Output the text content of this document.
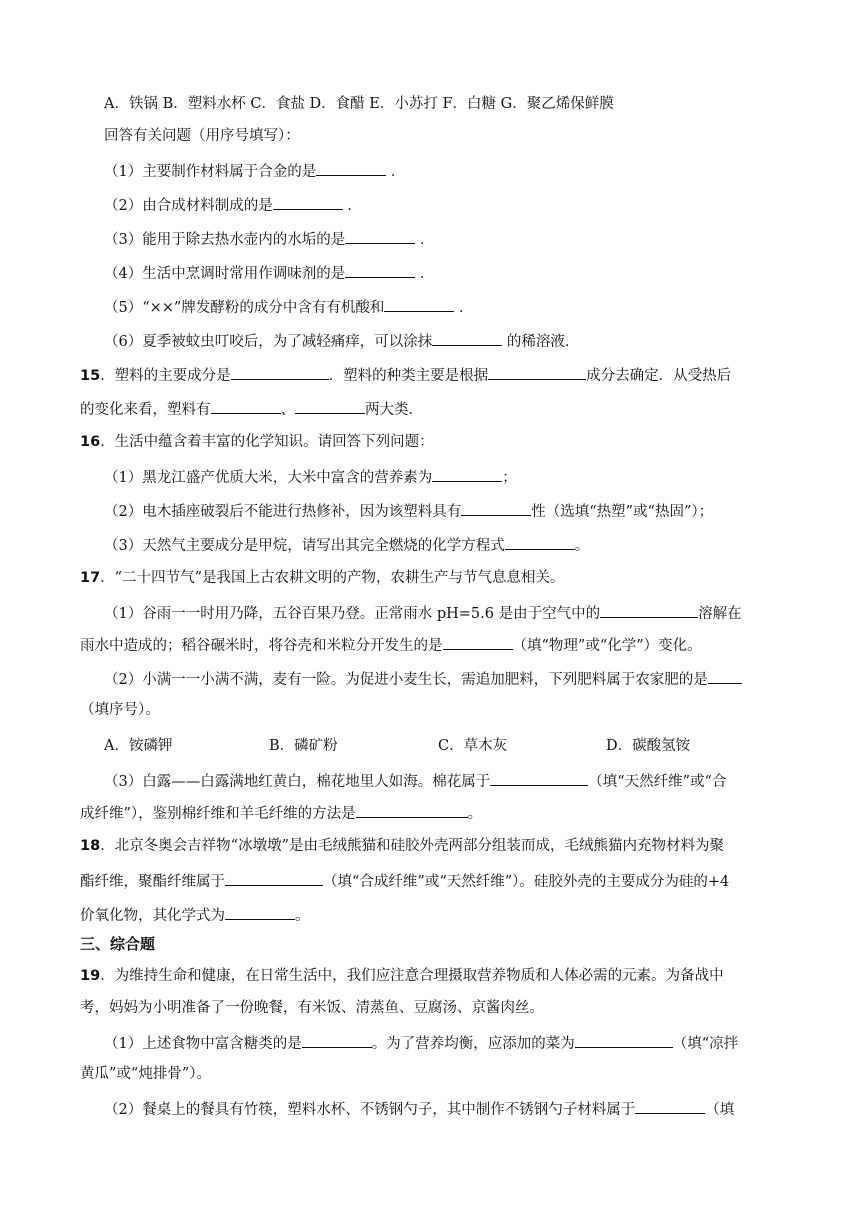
A．铁锅 B．塑料水杯 C．食盐 D．食醋 E．小苏打 F．白糖 G．聚乙烯保鲜膜
回答有关问题（用序号填写）：
（1）主要制作材料属于合金的是	．
（2）由合成材料制成的是	．
（3）能用于除去热水壶内的水垢的是	．
（4）生活中烹调时常用作调味剂的是	．
（5）“××”牌发酵粉的成分中含有有机酸和	．
（6）夏季被蚊虫叮咬后，为了减轻痛痒，可以涂抹	的稀溶液．
15．塑料的主要成分是	．塑料的种类主要是根据	成分去确定．从受热后
的变化来看，塑料有	、	两大类．
16．生活中蕴含着丰富的化学知识。请回答下列问题：
（1）黑龙江盛产优质大米，大米中富含的营养素为	；
（2）电木插座破裂后不能进行热修补，因为该塑料具有	性（选填“热塑”或“热固”）；
（3）天然气主要成分是甲烷，请写出其完全燃烧的化学方程式	。
17．“二十四节气”是我国上古农耕文明的产物，农耕生产与节气息息相关。
（1）谷雨一一时用乃降，五谷百果乃登。正常雨水 pH=5.6 是由于空气中的	溶解在
雨水中造成的；稻谷碾米时，将谷壳和米粒分开发生的是	（填“物理”或“化学”）变化。
（2）小满一一小满不满，麦有一险。为促进小麦生长，需追加肥料，下列肥料属于农家肥的是
（填序号）。
A．铵磷钾	B．磷矿粉	C．草木灰	D．碳酸氢铵
（3）白露——白露满地红黄白，棉花地里人如海。棉花属于	（填“天然纤维”或“合
成纤维”），鉴别棉纤维和羊毛纤维的方法是	。
18．北京冬奥会吉祥物“冰墩墩”是由毛绒熊猫和硅胶外壳两部分组装而成，毛绒熊猫内充物材料为聚
酯纤维，聚酯纤维属于	（填“合成纤维”或“天然纤维”）。硅胶外壳的主要成分为硅的+4
价氧化物，其化学式为	。
三、综合题
19．为维持生命和健康，在日常生活中，我们应注意合理摄取营养物质和人体必需的元素。为备战中
考，妈妈为小明准备了一份晚餐，有米饭、清蒸鱼、豆腐汤、京酱肉丝。
（1）上述食物中富含糖类的是	。为了营养均衡，应添加的菜为	（填“凉拌
黄瓜”或“炖排骨”）。
（2）餐桌上的餐具有竹筷，塑料水杯、不锈钢勺子，其中制作不锈钢勺子材料属于	（填
